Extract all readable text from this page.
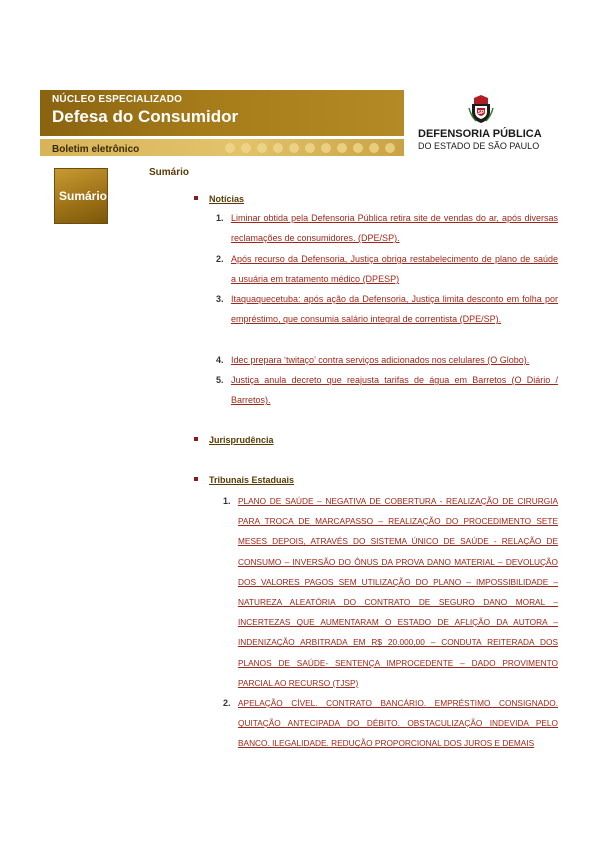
NÚCLEO ESPECIALIZADO
Defesa do Consumidor
Boletim eletrônico
SP
DEFENSORIA PÚBLICA
DO ESTADO DE SÃO PAULO
Sumário
Sumário
Notícias
1. Liminar obtida pela Defensoria Pública retira site de vendas do ar, após diversas reclamações de consumidores. (DPE/SP).
2. Após recurso da Defensoria, Justiça obriga restabelecimento de plano de saúde a usuária em tratamento médico (DPESP)
3. Itaquaquecetuba: após ação da Defensoria, Justiça limita desconto em folha por empréstimo, que consumia salário integral de correntista (DPE/SP).
4. Idec prepara ‘twitaço’ contra serviços adicionados nos celulares (O Globo).
5. Justiça anula decreto que reajusta tarifas de água em Barretos (O Diário / Barretos).
Jurisprudência
Tribunais Estaduais
1. PLANO DE SAÚDE – NEGATIVA DE COBERTURA - REALIZAÇÃO DE CIRURGIA PARA TROCA DE MARCAPASSO – REALIZAÇÃO DO PROCEDIMENTO SETE MESES DEPOIS, ATRAVÉS DO SISTEMA ÚNICO DE SAÚDE - RELAÇÃO DE CONSUMO – INVERSÃO DO ÔNUS DA PROVA DANO MATERIAL – DEVOLUÇÃO DOS VALORES PAGOS SEM UTILIZAÇÃO DO PLANO – IMPOSSIBILIDADE – NATUREZA ALEATÓRIA DO CONTRATO DE SEGURO DANO MORAL – INCERTEZAS QUE AUMENTARAM O ESTADO DE AFLIÇÃO DA AUTORA – INDENIZAÇÃO ARBITRADA EM R$ 20.000,00 – CONDUTA REITERADA DOS PLANOS DE SAÚDE- SENTENÇA IMPROCEDENTE – DADO PROVIMENTO PARCIAL AO RECURSO (TJSP)
2. APELAÇÃO CÍVEL. CONTRATO BANCÁRIO. EMPRÉSTIMO CONSIGNADO. QUITAÇÃO ANTECIPADA DO DÉBITO. OBSTACULIZAÇÃO INDEVIDA PELO BANCO. ILEGALIDADE. REDUÇÃO PROPORCIONAL DOS JUROS E DEMAIS
